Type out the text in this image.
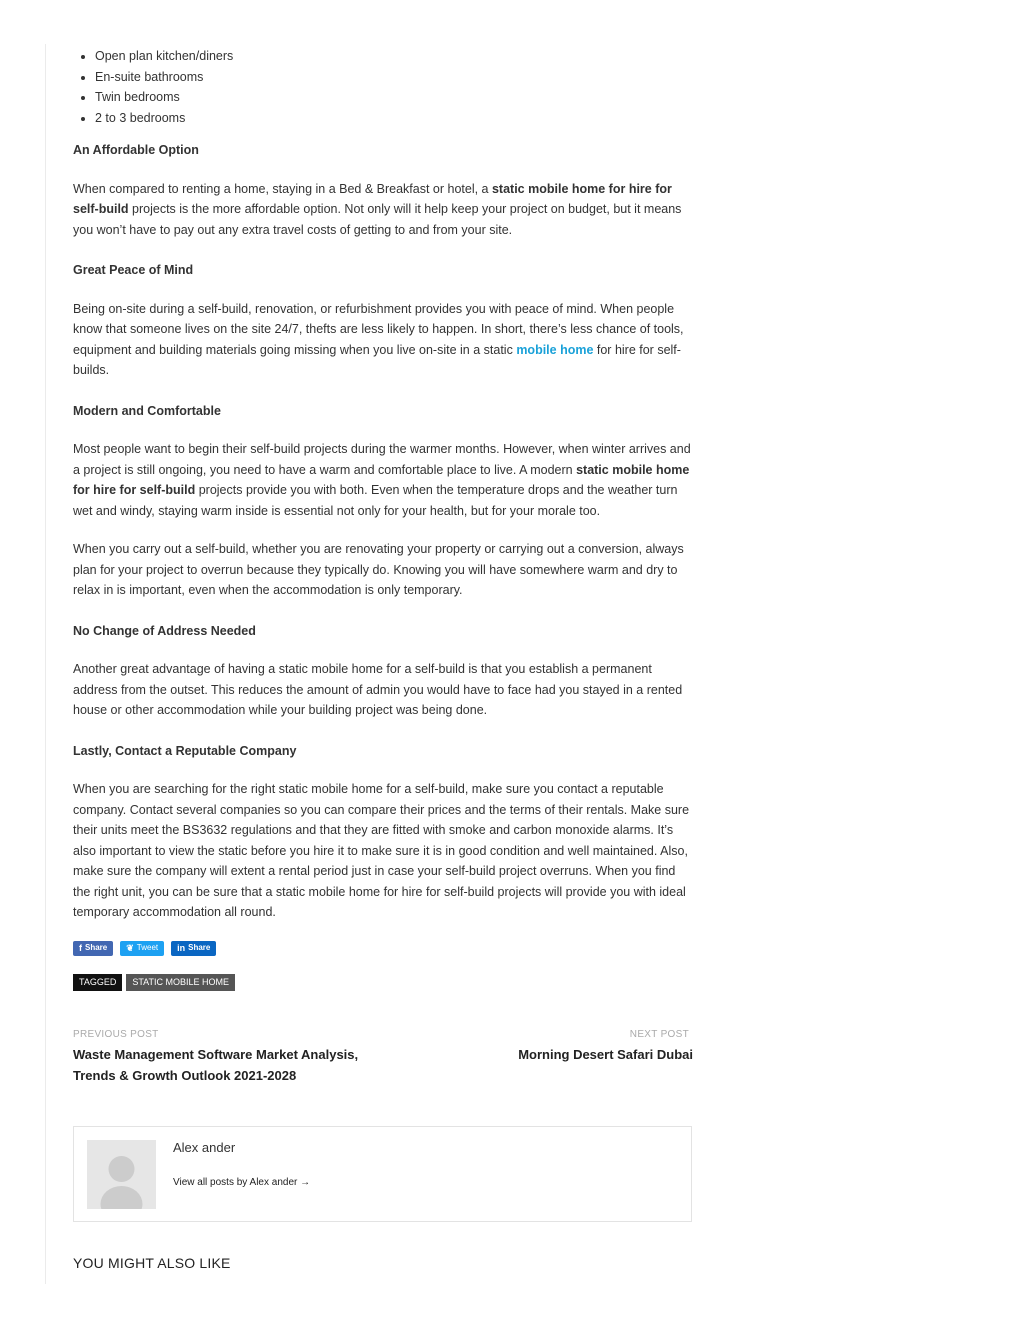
• Open plan kitchen/diners
• En-suite bathrooms
• Twin bedrooms
• 2 to 3 bedrooms
An Affordable Option

When compared to renting a home, staying in a Bed & Breakfast or hotel, a static mobile home for hire for self-build projects is the more affordable option. Not only will it help keep your project on budget, but it means you won’t have to pay out any extra travel costs of getting to and from your site.

Great Peace of Mind

Being on-site during a self-build, renovation, or refurbishment provides you with peace of mind. When people know that someone lives on the site 24/7, thefts are less likely to happen. In short, there’s less chance of tools, equipment and building materials going missing when you live on-site in a static mobile home for hire for self-builds.

Modern and Comfortable

Most people want to begin their self-build projects during the warmer months. However, when winter arrives and a project is still ongoing, you need to have a warm and comfortable place to live. A modern static mobile home for hire for self-build projects provide you with both. Even when the temperature drops and the weather turn wet and windy, staying warm inside is essential not only for your health, but for your morale too.

When you carry out a self-build, whether you are renovating your property or carrying out a conversion, always plan for your project to overrun because they typically do. Knowing you will have somewhere warm and dry to relax in is important, even when the accommodation is only temporary.

No Change of Address Needed

Another great advantage of having a static mobile home for a self-build is that you establish a permanent address from the outset. This reduces the amount of admin you would have to face had you stayed in a rented house or other accommodation while your building project was being done.

Lastly, Contact a Reputable Company

When you are searching for the right static mobile home for a self-build, make sure you contact a reputable company. Contact several companies so you can compare their prices and the terms of their rentals. Make sure their units meet the BS3632 regulations and that they are fitted with smoke and carbon monoxide alarms. It’s also important to view the static before you hire it to make sure it is in good condition and well maintained. Also, make sure the company will extent a rental period just in case your self-build project overruns. When you find the right unit, you can be sure that a static mobile home for hire for self-build projects will provide you with ideal temporary accommodation all round.

f Share ❦ Tweet in Share
TAGGED	STATIC MOBILE HOME
PREVIOUS POST
Waste Management Software Market Analysis, Trends & Growth Outlook 2021-2028
NEXT POST
Morning Desert Safari Dubai
Alex ander
View all posts by Alex ander →
YOU MIGHT ALSO LIKE
